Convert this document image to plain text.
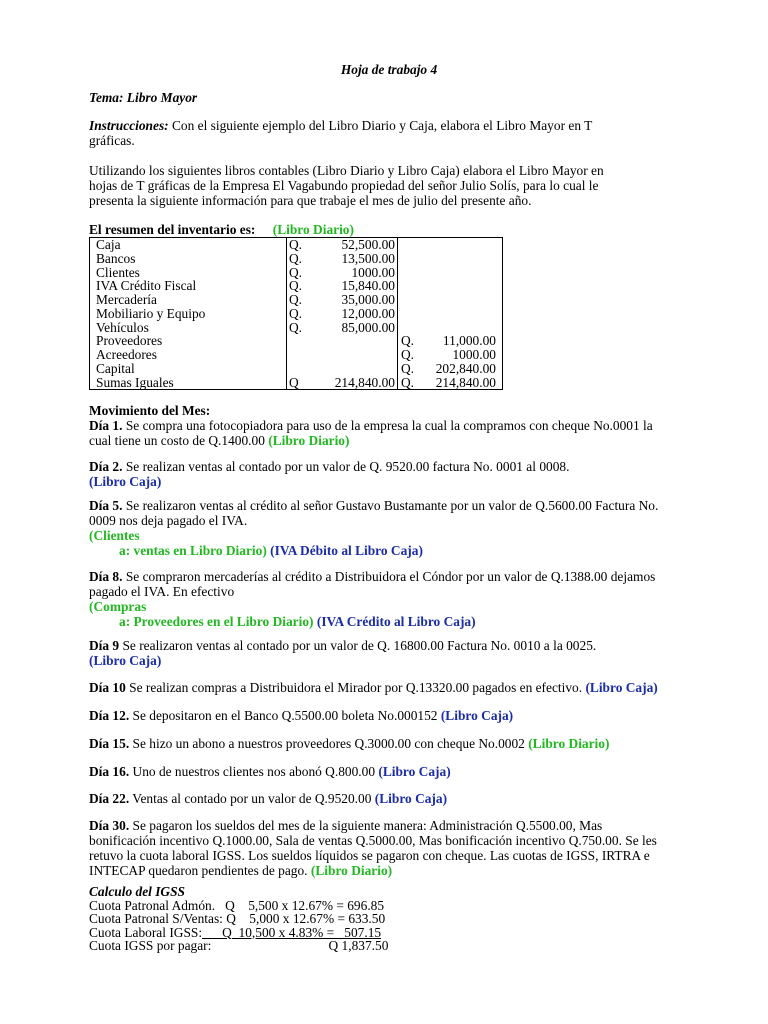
Hoja de trabajo 4
Tema: Libro Mayor
Instrucciones: Con el siguiente ejemplo del Libro Diario y Caja, elabora el Libro Mayor en T
gráficas.
Utilizando los siguientes libros contables (Libro Diario y Libro Caja) elabora el Libro Mayor en
hojas de T gráficas de la Empresa El Vagabundo propiedad del señor Julio Solís, para lo cual le
presenta la siguiente información para que trabaje el mes de julio del presente año.
El resumen del inventario es: (Libro Diario)
Caja	Q.	52,500.00		
Bancos	Q.	13,500.00		
Clientes	Q.	1000.00		
IVA Crédito Fiscal	Q.	15,840.00		
Mercadería	Q.	35,000.00		
Mobiliario y Equipo	Q.	12,000.00		
Vehículos	Q.	85,000.00		
Proveedores			Q.	11,000.00
Acreedores			Q.	1000.00
Capital			Q.	202,840.00
Sumas Iguales	Q	214,840.00	Q.	214,840.00
Movimiento del Mes:
Día 1. Se compra una fotocopiadora para uso de la empresa la cual la compramos con cheque No.0001 la
cual tiene un costo de Q.1400.00 (Libro Diario)
Día 2. Se realizan ventas al contado por un valor de Q. 9520.00 factura No. 0001 al 0008.
(Libro Caja)
Día 5. Se realizaron ventas al crédito al señor Gustavo Bustamante por un valor de Q.5600.00 Factura No.
0009 nos deja pagado el IVA.
(Clientes
a: ventas en Libro Diario) (IVA Débito al Libro Caja)
Día 8. Se compraron mercaderías al crédito a Distribuidora el Cóndor por un valor de Q.1388.00 dejamos
pagado el IVA. En efectivo
(Compras
a: Proveedores en el Libro Diario) (IVA Crédito al Libro Caja)
Día 9 Se realizaron ventas al contado por un valor de Q. 16800.00 Factura No. 0010 a la 0025.
(Libro Caja)
Día 10 Se realizan compras a Distribuidora el Mirador por Q.13320.00 pagados en efectivo. (Libro Caja)
Día 12. Se depositaron en el Banco Q.5500.00 boleta No.000152 (Libro Caja)
Día 15. Se hizo un abono a nuestros proveedores Q.3000.00 con cheque No.0002 (Libro Diario)
Día 16. Uno de nuestros clientes nos abonó Q.800.00 (Libro Caja)
Día 22. Ventas al contado por un valor de Q.9520.00 (Libro Caja)
Día 30. Se pagaron los sueldos del mes de la siguiente manera: Administración Q.5500.00, Mas
bonificación incentivo Q.1000.00, Sala de ventas Q.5000.00, Mas bonificación incentivo Q.750.00. Se les
retuvo la cuota laboral IGSS. Los sueldos líquidos se pagaron con cheque. Las cuotas de IGSS, IRTRA e
INTECAP quedaron pendientes de pago. (Libro Diario)
Calculo del IGSS
Cuota Patronal Admón.   Q    5,500 x 12.67% = 696.85
Cuota Patronal S/Ventas: Q    5,000 x 12.67% = 633.50
Cuota Laboral IGSS:      Q  10,500 x 4.83% =   507.15
Cuota IGSS por pagar:                                   Q 1,837.50
